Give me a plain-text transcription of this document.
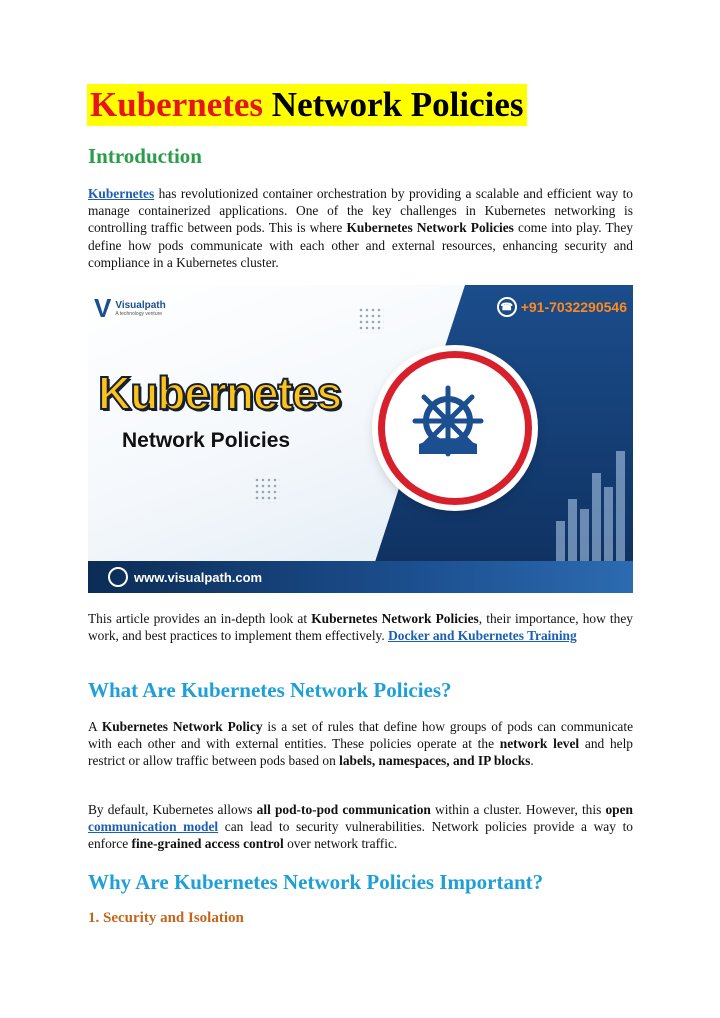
Kubernetes Network Policies
Introduction

Kubernetes has revolutionized container orchestration by providing a scalable and efficient way to manage containerized applications. One of the key challenges in Kubernetes networking is controlling traffic between pods. This is where Kubernetes Network Policies come into play. They define how pods communicate with each other and external resources, enhancing security and compliance in a Kubernetes cluster.

V Visualpath
A technology venture
☎ +91-7032290546
Kubernetes
Network Policies
www.visualpath.com

This article provides an in-depth look at Kubernetes Network Policies, their importance, how they work, and best practices to implement them effectively. Docker and Kubernetes Training

What Are Kubernetes Network Policies?

A Kubernetes Network Policy is a set of rules that define how groups of pods can communicate with each other and with external entities. These policies operate at the network level and help restrict or allow traffic between pods based on labels, namespaces, and IP blocks.

By default, Kubernetes allows all pod-to-pod communication within a cluster. However, this open communication model can lead to security vulnerabilities. Network policies provide a way to enforce fine-grained access control over network traffic.

Why Are Kubernetes Network Policies Important?
1. Security and Isolation
